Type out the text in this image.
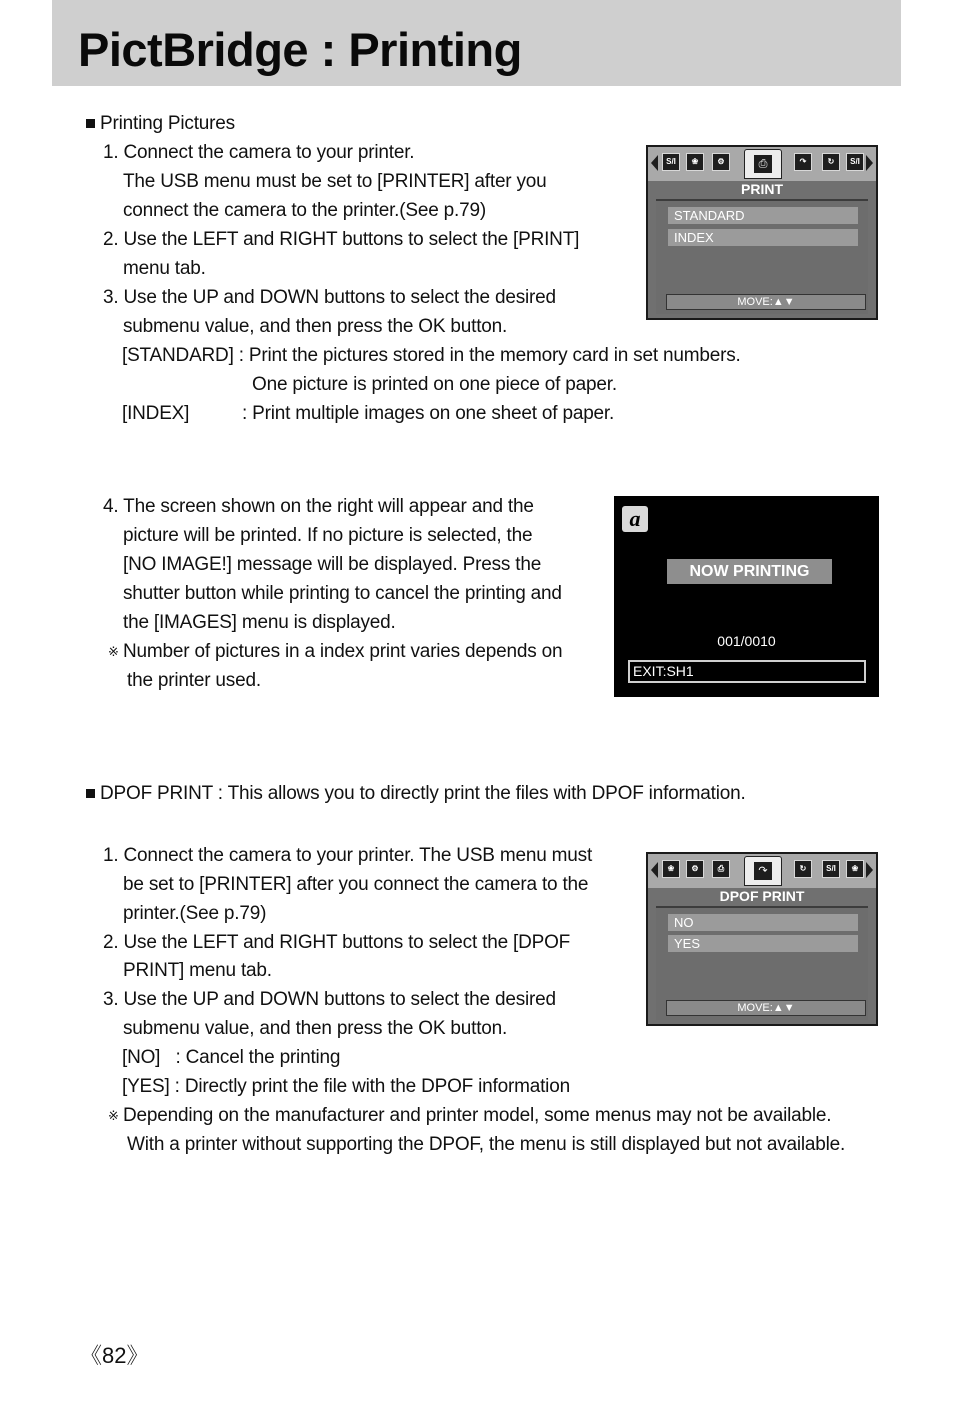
PictBridge : Printing
Printing Pictures
1. Connect the camera to your printer.
The USB menu must be set to [PRINTER] after you
connect the camera to the printer.(See p.79)
2. Use the LEFT and RIGHT buttons to select the [PRINT]
menu tab.
3. Use the UP and DOWN buttons to select the desired
submenu value, and then press the OK button.
[STANDARD] : Print the pictures stored in the memory card in set numbers.
One picture is printed on one piece of paper.
[INDEX]	: Print multiple images on one sheet of paper.
S/I	❀	⚙	⎙	↷	↻	S/I
PRINT
STANDARD
INDEX
MOVE:▲▼
4. The screen shown on the right will appear and the
picture will be printed. If no picture is selected, the
[NO IMAGE!] message will be displayed. Press the
shutter button while printing to cancel the printing and
the [IMAGES] menu is displayed.
※ Number of pictures in a index print varies depends on
the printer used.
a
NOW PRINTING
001/0010
EXIT:SH1
DPOF PRINT : This allows you to directly print the files with DPOF information.
1. Connect the camera to your printer. The USB menu must
be set to [PRINTER] after you connect the camera to the
printer.(See p.79)
2. Use the LEFT and RIGHT buttons to select the [DPOF
PRINT] menu tab.
3. Use the UP and DOWN buttons to select the desired
submenu value, and then press the OK button.
[NO]   : Cancel the printing
[YES] : Directly print the file with the DPOF information
※ Depending on the manufacturer and printer model, some menus may not be available.
With a printer without supporting the DPOF, the menu is still displayed but not available.
❀	⚙	⎙	↷	↻	S/I	❀
DPOF PRINT
NO
YES
MOVE:▲▼
《82》
